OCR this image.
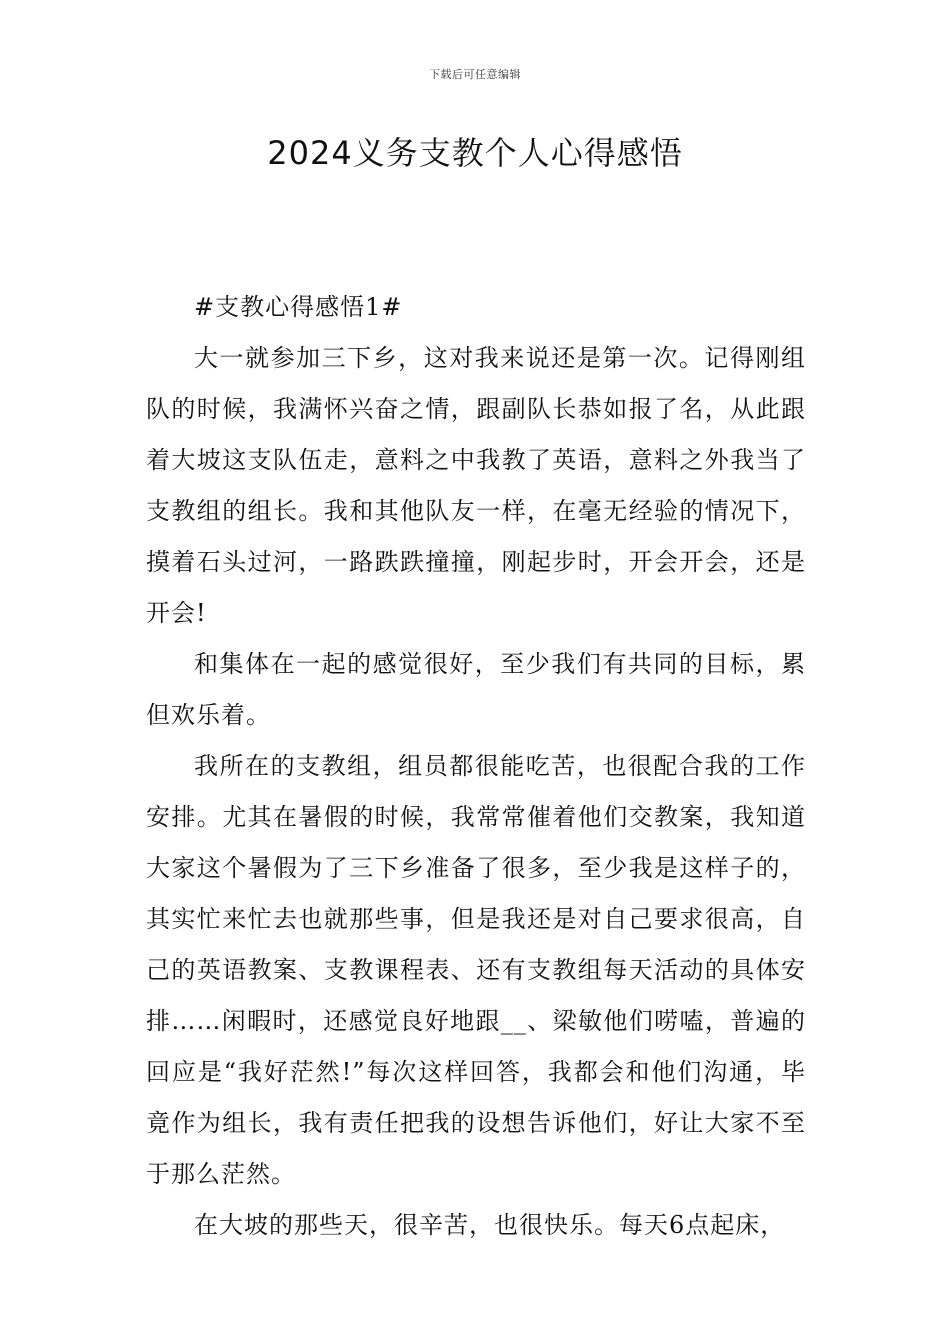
下载后可任意编辑
2024义务支教个人心得感悟

#支教心得感悟1#

大一就参加三下乡，这对我来说还是第一次。记得刚组队的时候，我满怀兴奋之情，跟副队长恭如报了名，从此跟着大坡这支队伍走，意料之中我教了英语，意料之外我当了支教组的组长。我和其他队友一样，在毫无经验的情况下，摸着石头过河，一路跌跌撞撞，刚起步时，开会开会，还是开会!

和集体在一起的感觉很好，至少我们有共同的目标，累但欢乐着。

我所在的支教组，组员都很能吃苦，也很配合我的工作安排。尤其在暑假的时候，我常常催着他们交教案，我知道大家这个暑假为了三下乡准备了很多，至少我是这样子的，其实忙来忙去也就那些事，但是我还是对自己要求很高，自己的英语教案、支教课程表、还有支教组每天活动的具体安排……闲暇时，还感觉良好地跟__、梁敏他们唠嗑，普遍的回应是“我好茫然!”每次这样回答，我都会和他们沟通，毕竟作为组长，我有责任把我的设想告诉他们，好让大家不至于那么茫然。

在大坡的那些天，很辛苦，也很快乐。每天6点起床，
